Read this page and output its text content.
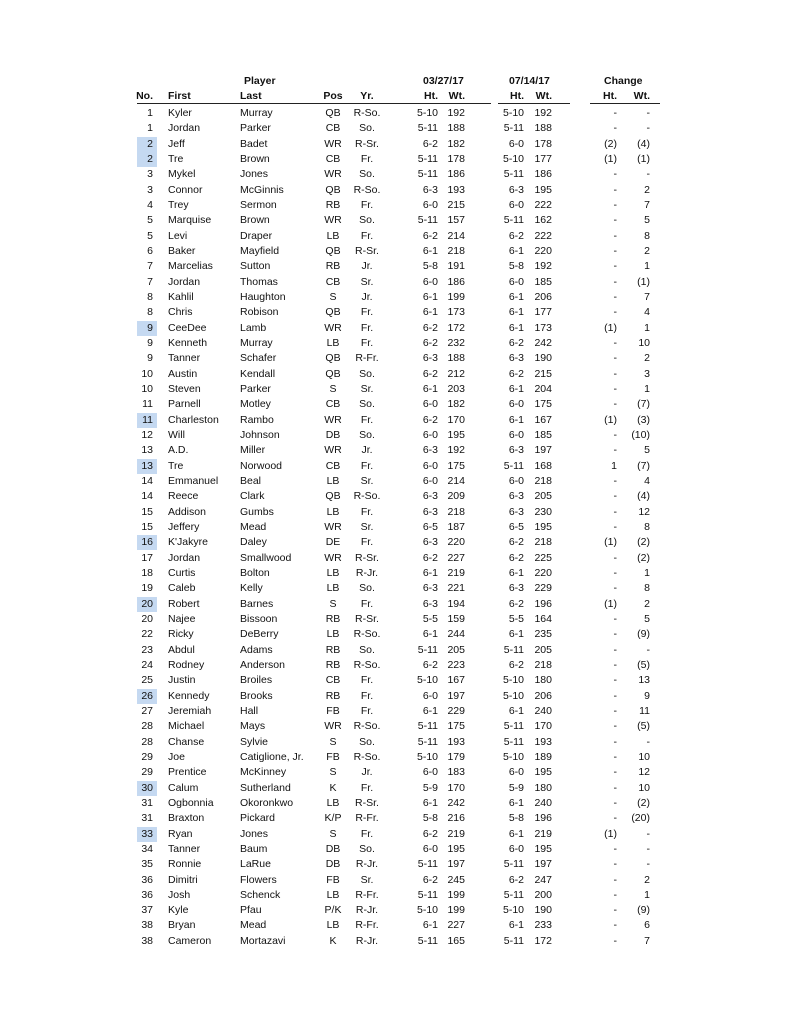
Player	03/27/17	07/14/17	Change
No. First	Last	Pos	Yr.	Ht.	Wt.	Ht.	Wt.	Ht.	Wt.
1 Kyler	Murray	QB	R-So.	5-10 192	5-10 192	-	-
1 Jordan	Parker	CB	So.	5-11 188	5-11 188	-	-
2 Jeff	Badet	WR	R-Sr.	6-2 182	6-0 178	(2)	(4)
2 Tre	Brown	CB	Fr.	5-11 178	5-10 177	(1)	(1)
3 Mykel	Jones	WR	So.	5-11 186	5-11 186	-	-
3 Connor	McGinnis	QB	R-So.	6-3 193	6-3 195	-	2
4 Trey	Sermon	RB	Fr.	6-0 215	6-0 222	-	7
5 Marquise	Brown	WR	So.	5-11 157	5-11 162	-	5
5 Levi	Draper	LB	Fr.	6-2 214	6-2 222	-	8
6 Baker	Mayfield	QB	R-Sr.	6-1 218	6-1 220	-	2
7 Marcelias	Sutton	RB	Jr.	5-8 191	5-8 192	-	1
7 Jordan	Thomas	CB	Sr.	6-0 186	6-0 185	-	(1)
8 Kahlil	Haughton	S	Jr.	6-1 199	6-1 206	-	7
8 Chris	Robison	QB	Fr.	6-1 173	6-1 177	-	4
9 CeeDee	Lamb	WR	Fr.	6-2 172	6-1 173	(1)	1
9 Kenneth	Murray	LB	Fr.	6-2 232	6-2 242	-	10
9 Tanner	Schafer	QB	R-Fr.	6-3 188	6-3 190	-	2
10 Austin	Kendall	QB	So.	6-2 212	6-2 215	-	3
10 Steven	Parker	S	Sr.	6-1 203	6-1 204	-	1
11 Parnell	Motley	CB	So.	6-0 182	6-0 175	-	(7)
11 Charleston	Rambo	WR	Fr.	6-2 170	6-1 167	(1)	(3)
12 Will	Johnson	DB	So.	6-0 195	6-0 185	-	(10)
13 A.D.	Miller	WR	Jr.	6-3 192	6-3 197	-	5
13 Tre	Norwood	CB	Fr.	6-0 175	5-11 168	1	(7)
14 Emmanuel	Beal	LB	Sr.	6-0 214	6-0 218	-	4
14 Reece	Clark	QB	R-So.	6-3 209	6-3 205	-	(4)
15 Addison	Gumbs	LB	Fr.	6-3 218	6-3 230	-	12
15 Jeffery	Mead	WR	Sr.	6-5 187	6-5 195	-	8
16 K'Jakyre	Daley	DE	Fr.	6-3 220	6-2 218	(1)	(2)
17 Jordan	Smallwood	WR	R-Sr.	6-2 227	6-2 225	-	(2)
18 Curtis	Bolton	LB	R-Jr.	6-1 219	6-1 220	-	1
19 Caleb	Kelly	LB	So.	6-3 221	6-3 229	-	8
20 Robert	Barnes	S	Fr.	6-3 194	6-2 196	(1)	2
20 Najee	Bissoon	RB	R-Sr.	5-5 159	5-5 164	-	5
22 Ricky	DeBerry	LB	R-So.	6-1 244	6-1 235	-	(9)
23 Abdul	Adams	RB	So.	5-11 205	5-11 205	-	-
24 Rodney	Anderson	RB	R-So.	6-2 223	6-2 218	-	(5)
25 Justin	Broiles	CB	Fr.	5-10 167	5-10 180	-	13
26 Kennedy	Brooks	RB	Fr.	6-0 197	5-10 206	-	9
27 Jeremiah	Hall	FB	Fr.	6-1 229	6-1 240	-	11
28 Michael	Mays	WR	R-So.	5-11 175	5-11 170	-	(5)
28 Chanse	Sylvie	S	So.	5-11 193	5-11 193	-	-
29 Joe	Catiglione, Jr.	FB	R-So.	5-10 179	5-10 189	-	10
29 Prentice	McKinney	S	Jr.	6-0 183	6-0 195	-	12
30 Calum	Sutherland	K	Fr.	5-9 170	5-9 180	-	10
31 Ogbonnia	Okoronkwo	LB	R-Sr.	6-1 242	6-1 240	-	(2)
31 Braxton	Pickard	K/P	R-Fr.	5-8 216	5-8 196	-	(20)
33 Ryan	Jones	S	Fr.	6-2 219	6-1 219	(1)	-
34 Tanner	Baum	DB	So.	6-0 195	6-0 195	-	-
35 Ronnie	LaRue	DB	R-Jr.	5-11 197	5-11 197	-	-
36 Dimitri	Flowers	FB	Sr.	6-2 245	6-2 247	-	2
36 Josh	Schenck	LB	R-Fr.	5-11 199	5-11 200	-	1
37 Kyle	Pfau	P/K	R-Jr.	5-10 199	5-10 190	-	(9)
38 Bryan	Mead	LB	R-Fr.	6-1 227	6-1 233	-	6
38 Cameron	Mortazavi	K	R-Jr.	5-11 165	5-11 172	-	7
